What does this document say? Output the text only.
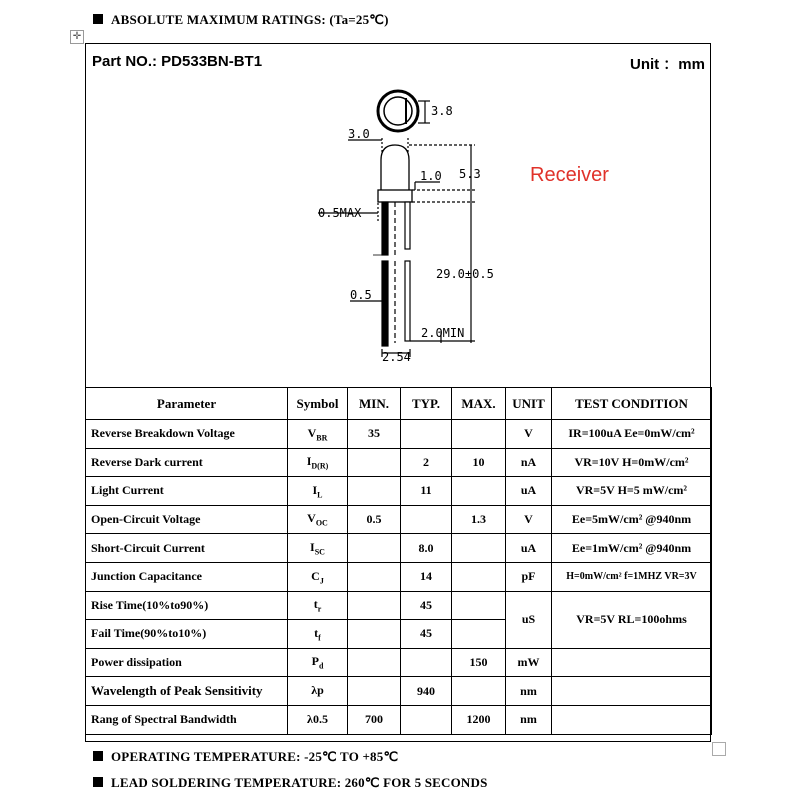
ABSOLUTE MAXIMUM RATINGS: (Ta=25℃)
✛
Part NO.: PD533BN-BT1	Unit ：mm
Receiver
3.8
3.0
1.0 5.3
0.5MAX
29.0±0.5
0.5
2.0MIN
2.54
Parameter	Symbol	MIN.	TYP.	MAX.	UNIT	TEST CONDITION
Reverse Breakdown Voltage	$V_{BR}$	35			V	IR=100uA Ee=0mW/cm²
Reverse Dark current	$I_{D(R)}$		2	10	nA	VR=10V H=0mW/cm²
Light Current	$I_L$		11		uA	VR=5V H=5 mW/cm²
Open-Circuit Voltage	$V_{OC}$	0.5		1.3	V	Ee=5mW/cm² @940nm
Short-Circuit Current	$I_{SC}$		8.0		uA	Ee=1mW/cm² @940nm
Junction Capacitance	$C_J$		14		pF	H=0mW/cm² f=1MHZ VR=3V
Rise Time(10%to90%)	$t_r$		45		uS	VR=5V RL=100ohms
Fail Time(90%to10%)	$t_f$		45			
Power dissipation	$P_d$			150	mW	
Wavelength of Peak Sensitivity	λp		940		nm	
Rang of Spectral Bandwidth	λ0.5	700		1200	nm	
OPERATING TEMPERATURE: -25℃ TO +85℃
LEAD SOLDERING TEMPERATURE: 260℃ FOR 5 SECONDS
